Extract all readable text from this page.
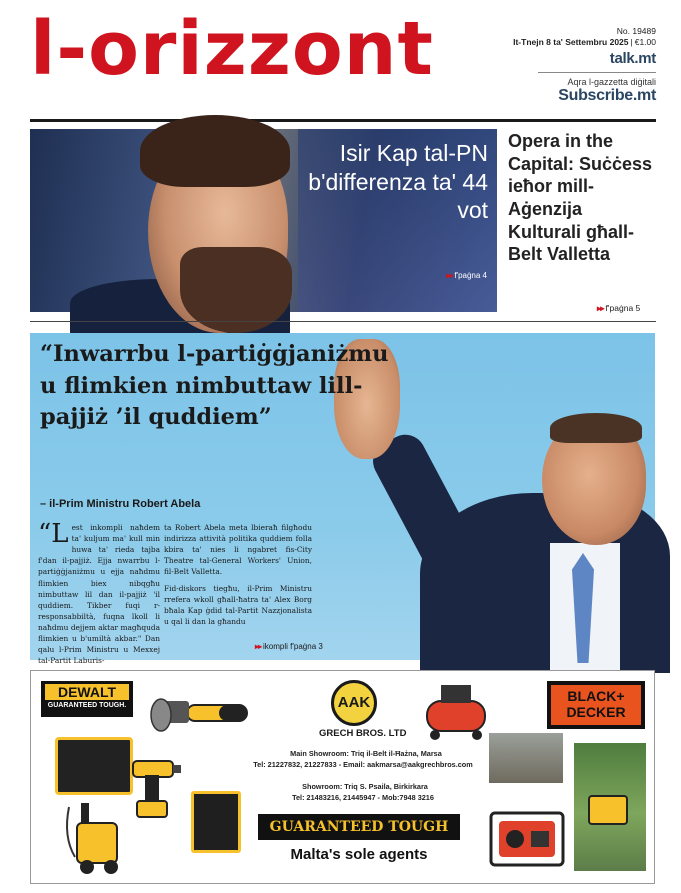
l-orizzont	No. 19489
It-Tnejn 8 ta' Settembru 2025 | €1.00
talk.mt
Aqra l-gazzetta diġitali
Subscribe.mt
Isir Kap tal-PN b'differenza ta' 44 vot
▸▸ f'paġna 4
Opera in the Capital: Suċċess ieħor mill-Aġenzija Kulturali għall-Belt Valletta
▸▸ f'paġna 5
“Inwarrbu l-partiġġjaniżmu u flimkien nimbuttaw lill-pajjiż ’il quddiem”
– il-Prim Ministru Robert Abela
“Lest inkompli naħdem ta' kuljum ma' kull min huwa ta' rieda tajba f'dan il-pajjiż. Ejja nwarrbu l-partiġġjaniżmu u ejja naħdmu flimkien biex nibqgħu nimbuttaw lil dan il-pajjiż 'il quddiem. Tikber fuqi r-responsabbiltà, fuqna lkoll li naħdmu dejjem aktar magħquda flimkien u b'umiltà akbar." Dan qalu l-Prim Ministru u Mexxej tal-Partit Laburis-

ta Robert Abela meta lbieraħ filgħodu indirizza attività politika quddiem folla kbira ta' nies li ngabret fis-City Theatre tal-General Workers' Union, fil-Belt Valletta.

Fid-diskors tiegħu, il-Prim Ministru rrefera wkoll għall-ħatra ta' Alex Borg bħala Kap ġdid tal-Partit Nazzjonalista u qal li dan la għandu

▸▸ ikompli f'paġna 3
DEWALT
GUARANTEED TOUGH.	AAK
GRECH BROS. LTD
Main Showroom: Triq il-Belt il-Ħażna, Marsa
Tel: 21227832, 21227833 - Email: aakmarsa@aakgrechbros.com
Showroom: Triq S. Psaila, Birkirkara
Tel: 21483216, 21445947 - Mob:7948 3216
GUARANTEED TOUGH
Malta's sole agents
BLACK+ DECKER
